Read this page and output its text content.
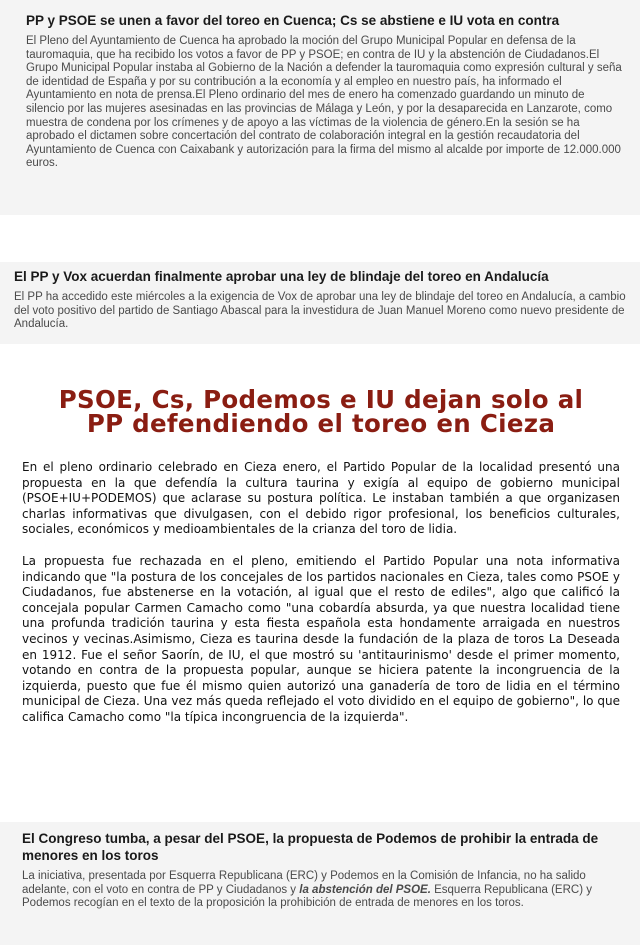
PP y PSOE se unen a favor del toreo en Cuenca; Cs se abstiene e IU vota en contra

El Pleno del Ayuntamiento de Cuenca ha aprobado la moción del Grupo Municipal Popular en defensa de la tauromaquia, que ha recibido los votos a favor de PP y PSOE; en contra de IU y la abstención de Ciudadanos.El Grupo Municipal Popular instaba al Gobierno de la Nación a defender la tauromaquia como expresión cultural y seña de identidad de España y por su contribución a la economía y al empleo en nuestro país, ha informado el Ayuntamiento en nota de prensa.El Pleno ordinario del mes de enero ha comenzado guardando un minuto de silencio por las mujeres asesinadas en las provincias de Málaga y León, y por la desaparecida en Lanzarote, como muestra de condena por los crímenes y de apoyo a las víctimas de la violencia de género.En la sesión se ha aprobado el dictamen sobre concertación del contrato de colaboración integral en la gestión recaudatoria del Ayuntamiento de Cuenca con Caixabank y autorización para la firma del mismo al alcalde por importe de 12.000.000 euros.

El PP y Vox acuerdan finalmente aprobar una ley de blindaje del toreo en Andalucía

El PP ha accedido este miércoles a la exigencia de Vox de aprobar una ley de blindaje del toreo en Andalucía, a cambio del voto positivo del partido de Santiago Abascal para la investidura de Juan Manuel Moreno como nuevo presidente de Andalucía.

PSOE, Cs, Podemos e IU dejan solo al
PP defendiendo el toreo en Cieza

En el pleno ordinario celebrado en Cieza enero, el Partido Popular de la localidad presentó una propuesta en la que defendía la cultura taurina y exigía al equipo de gobierno municipal (PSOE+IU+PODEMOS) que aclarase su postura política. Le instaban también a que organizasen charlas informativas que divulgasen, con el debido rigor profesional, los beneficios culturales, sociales, económicos y medioambientales de la crianza del toro de lidia.

La propuesta fue rechazada en el pleno, emitiendo el Partido Popular una nota informativa indicando que "la postura de los concejales de los partidos nacionales en Cieza, tales como PSOE y Ciudadanos, fue abstenerse en la votación, al igual que el resto de ediles", algo que calificó la concejala popular Carmen Camacho como "una cobardía absurda, ya que nuestra localidad tiene una profunda tradición taurina y esta fiesta española esta hondamente arraigada en nuestros vecinos y vecinas.Asimismo, Cieza es taurina desde la fundación de la plaza de toros La Deseada en 1912. Fue el señor Saorín, de IU, el que mostró su 'antitaurinismo' desde el primer momento, votando en contra de la propuesta popular, aunque se hiciera patente la incongruencia de la izquierda, puesto que fue él mismo quien autorizó una ganadería de toro de lidia en el término municipal de Cieza. Una vez más queda reflejado el voto dividido en el equipo de gobierno", lo que califica Camacho como "la típica incongruencia de la izquierda".

El Congreso tumba, a pesar del PSOE, la propuesta de Podemos de prohibir la entrada de menores en los toros

La iniciativa, presentada por Esquerra Republicana (ERC) y Podemos en la Comisión de Infancia, no ha salido adelante, con el voto en contra de PP y Ciudadanos y la abstención del PSOE. Esquerra Republicana (ERC) y Podemos recogían en el texto de la proposición la prohibición de entrada de menores en los toros.
